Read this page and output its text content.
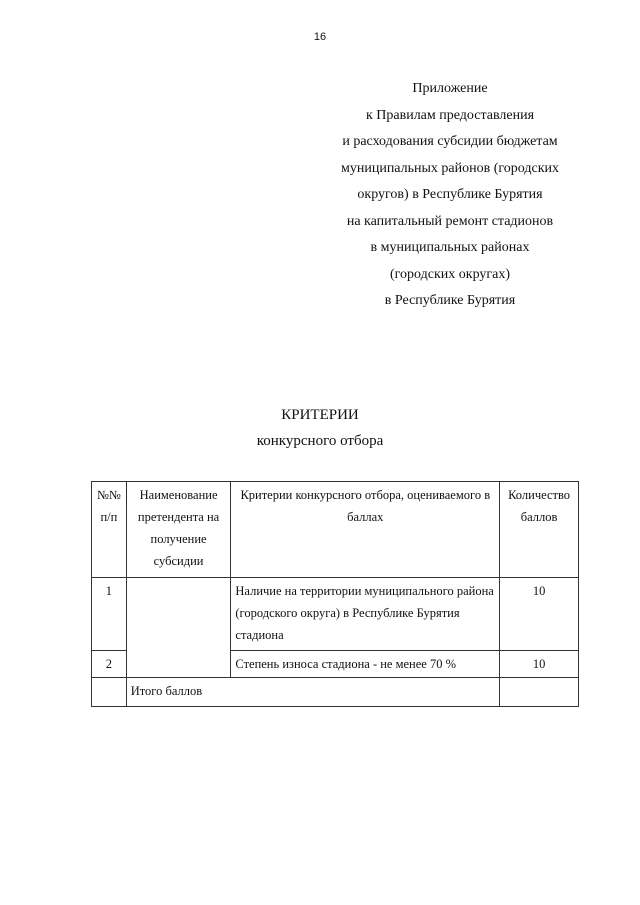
16
Приложение
к Правилам предоставления
и расходования субсидии бюджетам
муниципальных районов (городских
округов) в Республике Бурятия
на капитальный ремонт стадионов
в муниципальных районах
(городских округах)
в Республике Бурятия
КРИТЕРИИ
конкурсного отбора
№№ п/п	Наименование претендента на получение субсидии	Критерии конкурсного отбора, оцениваемого в баллах	Количество баллов
1		Наличие на территории муниципального района (городского округа) в Республике Бурятия стадиона	10
2		Степень износа стадиона - не менее 70 %	10
	Итого баллов		
